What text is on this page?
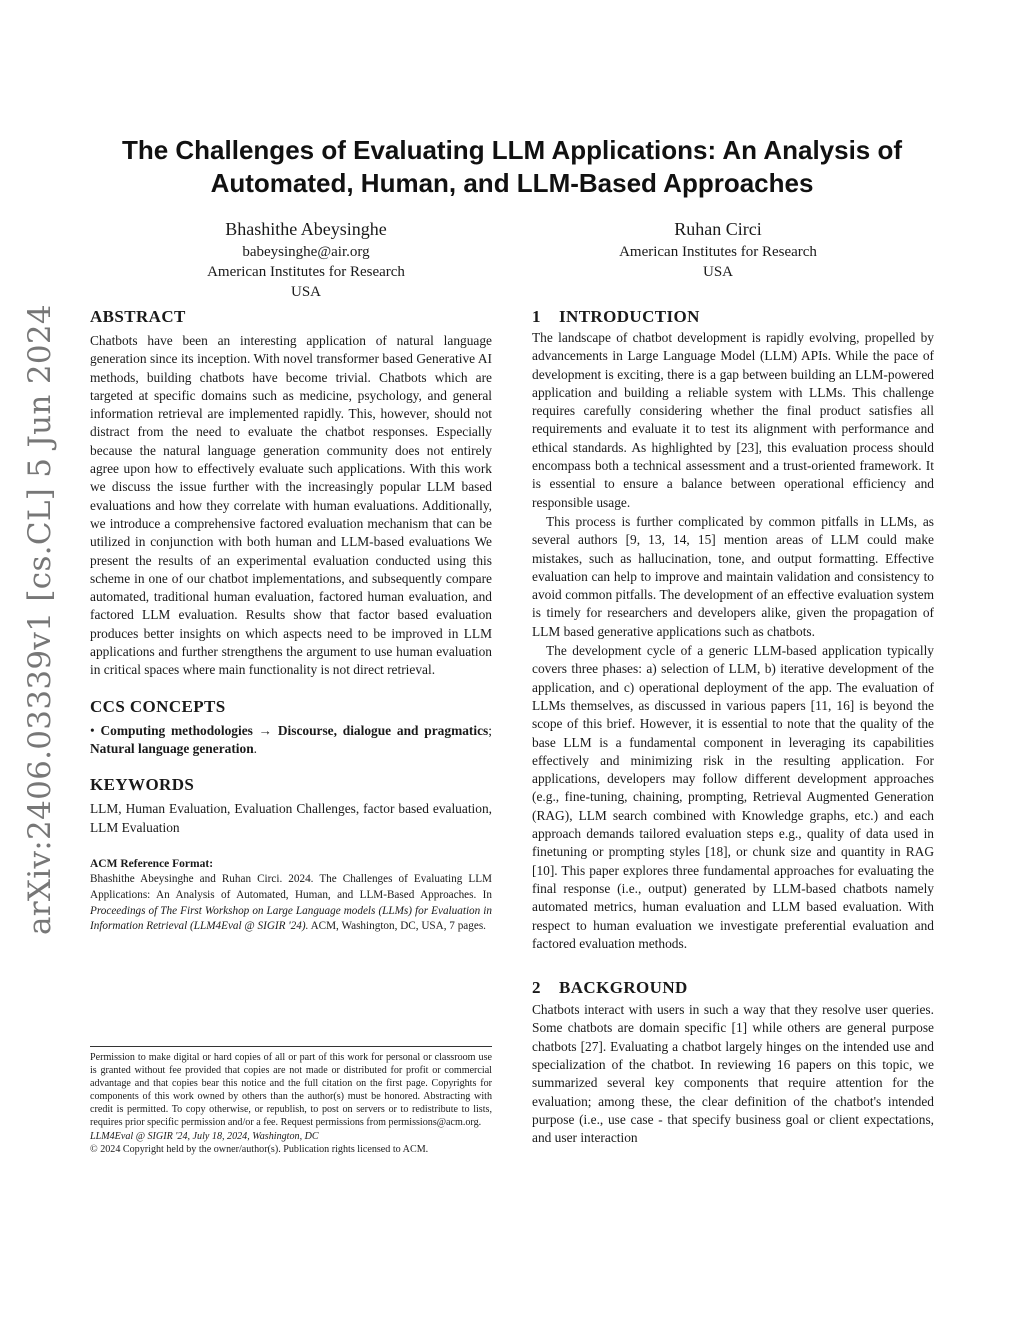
arXiv:2406.03339v1 [cs.CL] 5 Jun 2024
The Challenges of Evaluating LLM Applications: An Analysis of
Automated, Human, and LLM-Based Approaches
Bhashithe Abeysinghe
babeysinghe@air.org
American Institutes for Research
USA
Ruhan Circi
American Institutes for Research
USA
ABSTRACT

Chatbots have been an interesting application of natural language generation since its inception. With novel transformer based Generative AI methods, building chatbots have become trivial. Chatbots which are targeted at specific domains such as medicine, psychology, and general information retrieval are implemented rapidly. This, however, should not distract from the need to evaluate the chatbot responses. Especially because the natural language generation community does not entirely agree upon how to effectively evaluate such applications. With this work we discuss the issue further with the increasingly popular LLM based evaluations and how they correlate with human evaluations. Additionally, we introduce a comprehensive factored evaluation mechanism that can be utilized in conjunction with both human and LLM-based evaluations We present the results of an experimental evaluation conducted using this scheme in one of our chatbot implementations, and subsequently compare automated, traditional human evaluation, factored human evaluation, and factored LLM evaluation. Results show that factor based evaluation produces better insights on which aspects need to be improved in LLM applications and further strengthens the argument to use human evaluation in critical spaces where main functionality is not direct retrieval.

CCS CONCEPTS

• Computing methodologies → Discourse, dialogue and pragmatics; Natural language generation.

KEYWORDS

LLM, Human Evaluation, Evaluation Challenges, factor based evaluation, LLM Evaluation

ACM Reference Format:
Bhashithe Abeysinghe and Ruhan Circi. 2024. The Challenges of Evaluating LLM Applications: An Analysis of Automated, Human, and LLM-Based Approaches. In Proceedings of The First Workshop on Large Language models (LLMs) for Evaluation in Information Retrieval (LLM4Eval @ SIGIR '24). ACM, Washington, DC, USA, 7 pages.
Permission to make digital or hard copies of all or part of this work for personal or classroom use is granted without fee provided that copies are not made or distributed for profit or commercial advantage and that copies bear this notice and the full citation on the first page. Copyrights for components of this work owned by others than the author(s) must be honored. Abstracting with credit is permitted. To copy otherwise, or republish, to post on servers or to redistribute to lists, requires prior specific permission and/or a fee. Request permissions from permissions@acm.org.
LLM4Eval @ SIGIR '24, July 18, 2024, Washington, DC
© 2024 Copyright held by the owner/author(s). Publication rights licensed to ACM.
1 INTRODUCTION

The landscape of chatbot development is rapidly evolving, propelled by advancements in Large Language Model (LLM) APIs. While the pace of development is exciting, there is a gap between building an LLM-powered application and building a reliable system with LLMs. This challenge requires carefully considering whether the final product satisfies all requirements and evaluate it to test its alignment with performance and ethical standards. As highlighted by [23], this evaluation process should encompass both a technical assessment and a trust-oriented framework. It is essential to ensure a balance between operational efficiency and responsible usage.

This process is further complicated by common pitfalls in LLMs, as several authors [9, 13, 14, 15] mention areas of LLM could make mistakes, such as hallucination, tone, and output formatting. Effective evaluation can help to improve and maintain validation and consistency to avoid common pitfalls. The development of an effective evaluation system is timely for researchers and developers alike, given the propagation of LLM based generative applications such as chatbots.

The development cycle of a generic LLM-based application typically covers three phases: a) selection of LLM, b) iterative development of the application, and c) operational deployment of the app. The evaluation of LLMs themselves, as discussed in various papers [11, 16] is beyond the scope of this brief. However, it is essential to note that the quality of the base LLM is a fundamental component in leveraging its capabilities effectively and minimizing risk in the resulting application. For applications, developers may follow different development approaches (e.g., fine-tuning, chaining, prompting, Retrieval Augmented Generation (RAG), LLM search combined with Knowledge graphs, etc.) and each approach demands tailored evaluation steps e.g., quality of data used in finetuning or prompting styles [18], or chunk size and quantity in RAG [10]. This paper explores three fundamental approaches for evaluating the final response (i.e., output) generated by LLM-based chatbots namely automated metrics, human evaluation and LLM based evaluation. With respect to human evaluation we investigate preferential evaluation and factored evaluation methods.

2 BACKGROUND

Chatbots interact with users in such a way that they resolve user queries. Some chatbots are domain specific [1] while others are general purpose chatbots [27]. Evaluating a chatbot largely hinges on the intended use and specialization of the chatbot. In reviewing 16 papers on this topic, we summarized several key components that require attention for the evaluation; among these, the clear definition of the chatbot's intended purpose (i.e., use case - that specify business goal or client expectations, and user interaction
